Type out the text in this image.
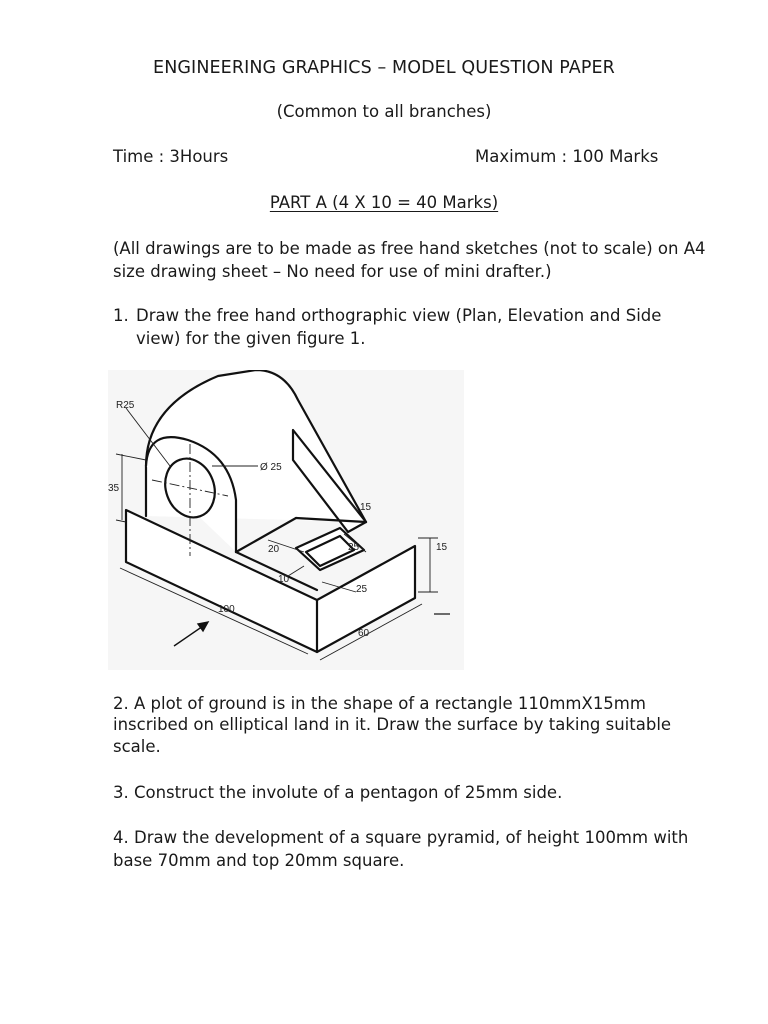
ENGINEERING GRAPHICS – MODEL QUESTION PAPER
(Common to all branches)
Time : 3Hours	Maximum : 100 Marks
PART A (4 X 10 = 40 Marks)
(All drawings are to be made as free hand sketches (not to scale) on A4
size drawing sheet – No need for use of mini drafter.)
1. Draw the free hand orthographic view (Plan, Elevation and Side
view) for the given figure 1.
R25
35
Ø 25
15
20	25
10
25
15
100
60
2. A plot of ground is in the shape of a rectangle 110mmX15mm
inscribed on elliptical land in it. Draw the surface by taking suitable
scale.
3. Construct the involute of a pentagon of 25mm side.
4. Draw the development of a square pyramid, of height 100mm with
base 70mm and top 20mm square.
